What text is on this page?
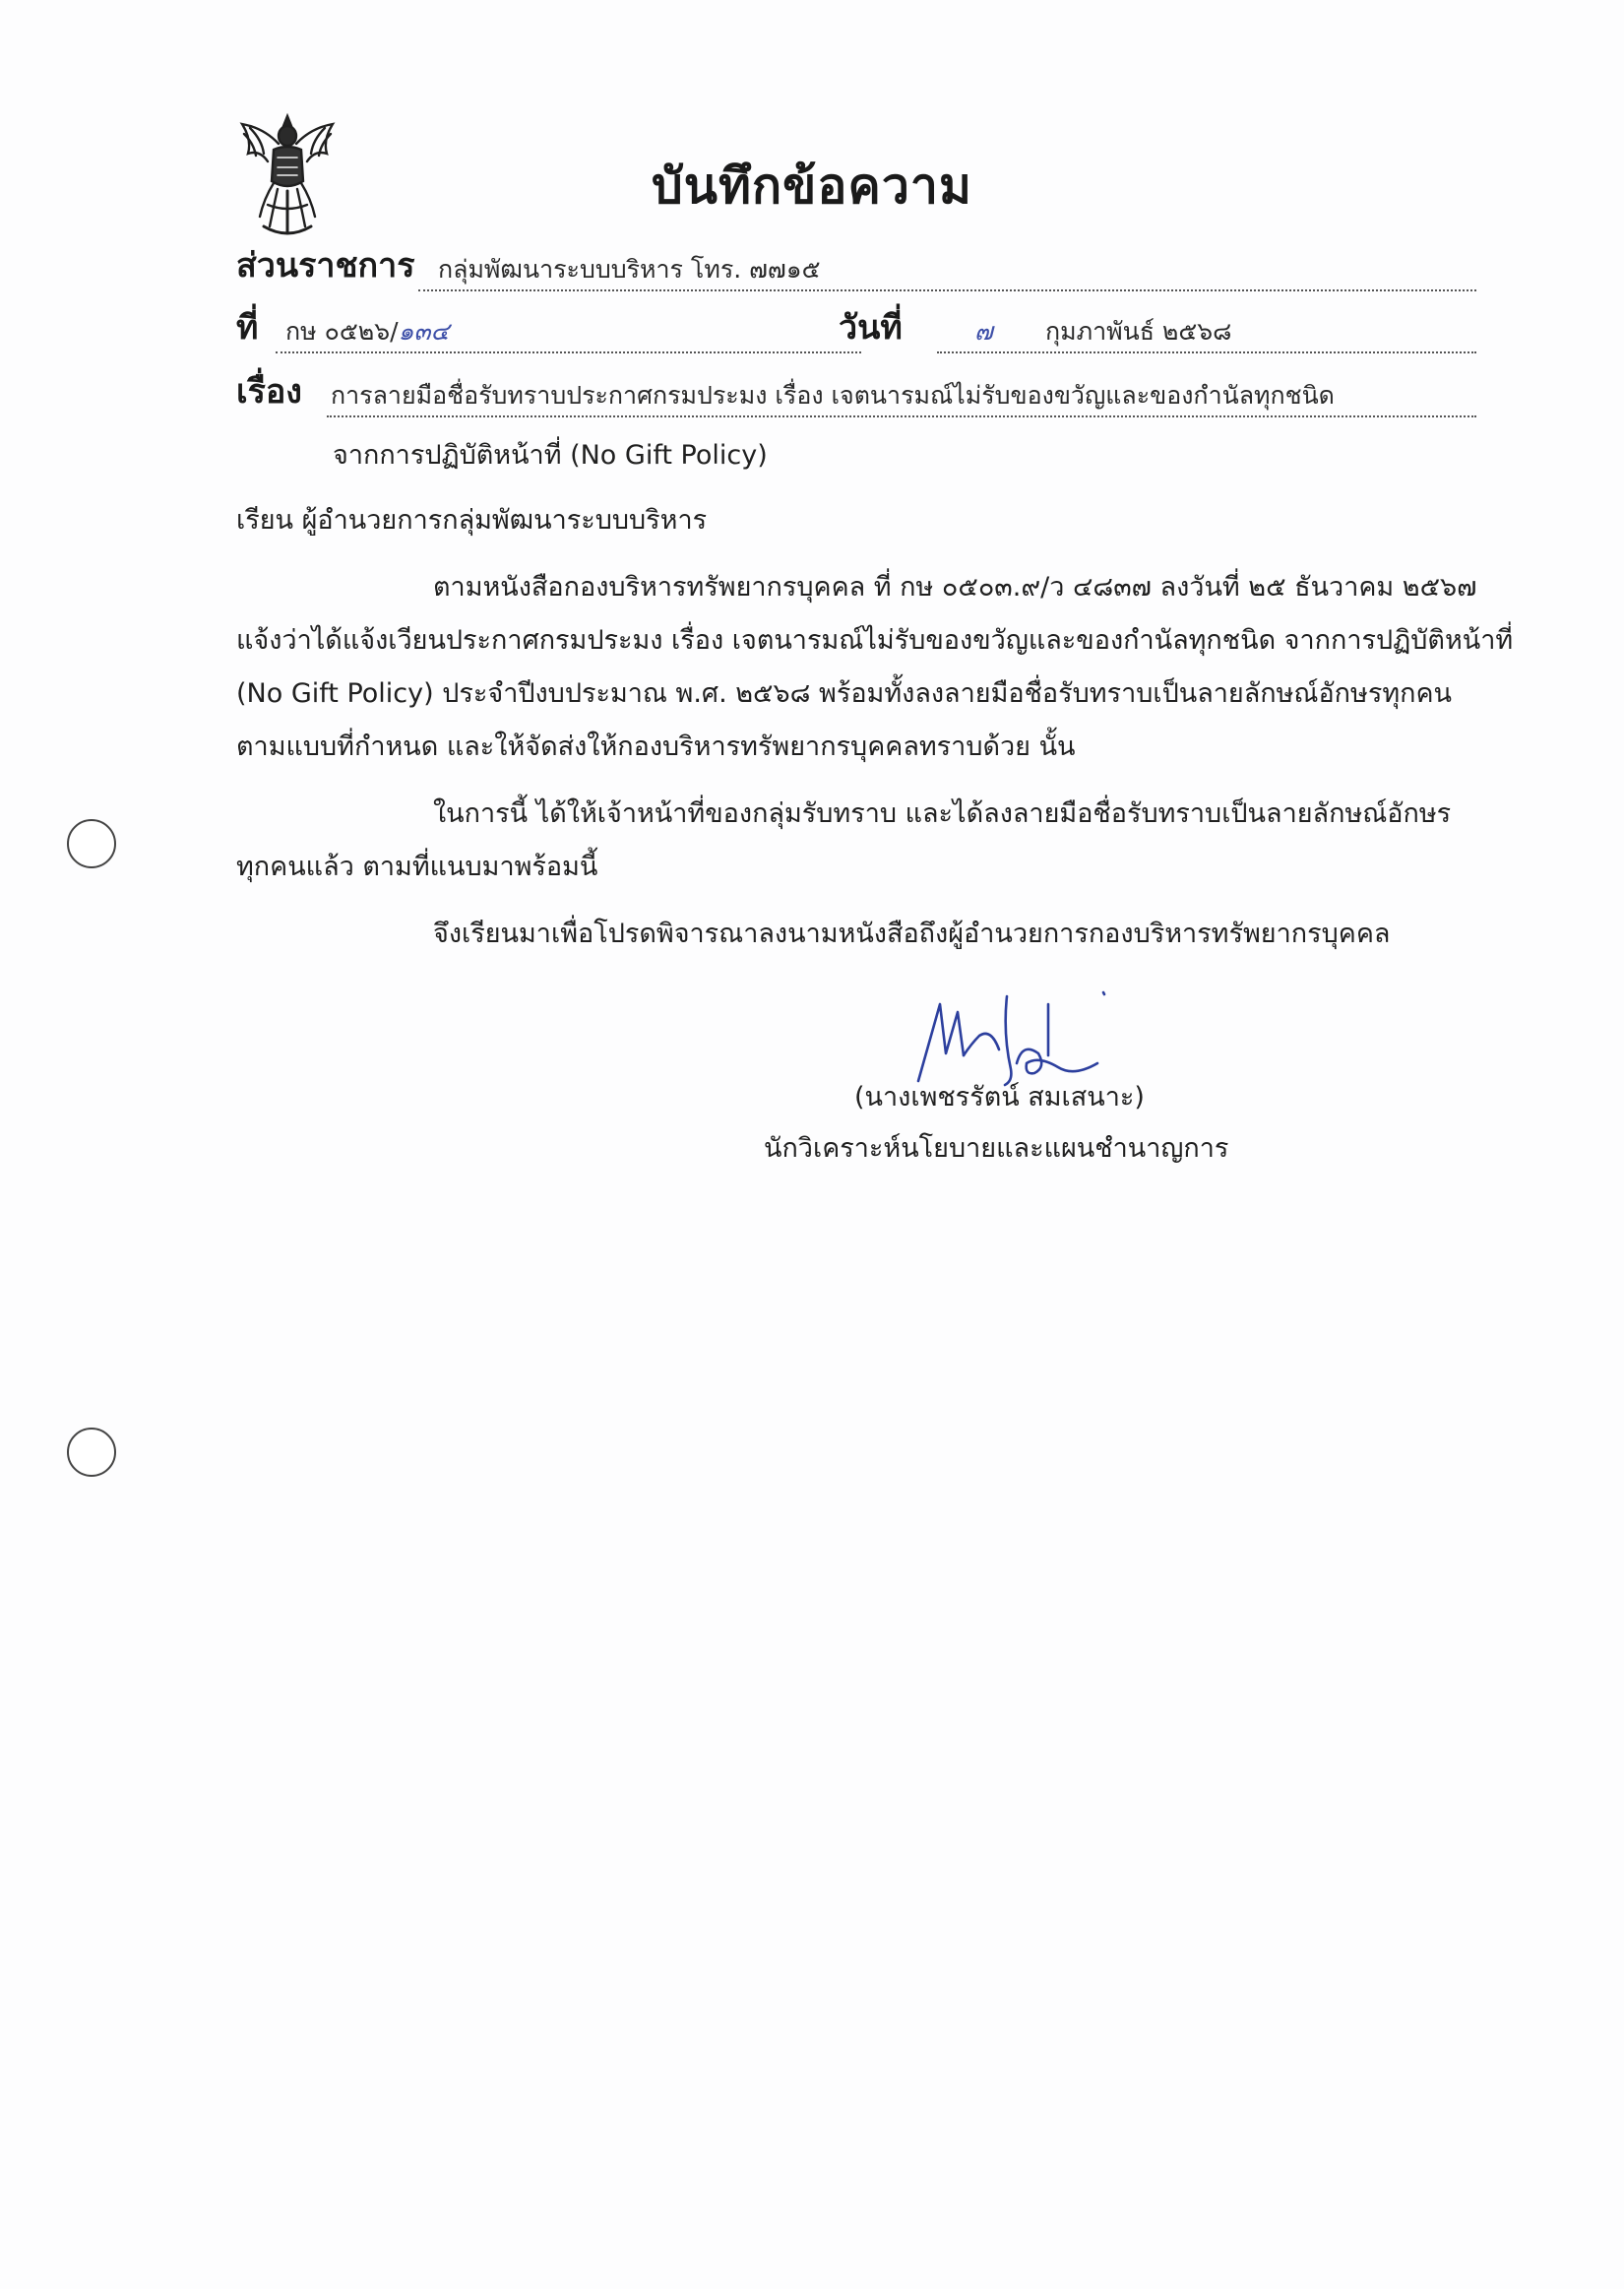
บันทึกข้อความ
ส่วนราชการ กลุ่มพัฒนาระบบบริหาร โทร. ๗๗๑๕
ที่ กษ ๐๕๒๖/๑๓๔	วันที่	๗ กุมภาพันธ์ ๒๕๖๘
เรื่อง การลายมือชื่อรับทราบประกาศกรมประมง เรื่อง เจตนารมณ์ไม่รับของขวัญและของกำนัลทุกชนิด
จากการปฏิบัติหน้าที่ (No Gift Policy)
เรียน ผู้อำนวยการกลุ่มพัฒนาระบบบริหาร
ตามหนังสือกองบริหารทรัพยากรบุคคล ที่ กษ ๐๕๐๓.๙/ว ๔๘๓๗ ลงวันที่ ๒๕ ธันวาคม ๒๕๖๗
แจ้งว่าได้แจ้งเวียนประกาศกรมประมง เรื่อง เจตนารมณ์ไม่รับของขวัญและของกำนัลทุกชนิด จากการปฏิบัติหน้าที่
(No Gift Policy) ประจำปีงบประมาณ พ.ศ. ๒๕๖๘ พร้อมทั้งลงลายมือชื่อรับทราบเป็นลายลักษณ์อักษรทุกคน
ตามแบบที่กำหนด และให้จัดส่งให้กองบริหารทรัพยากรบุคคลทราบด้วย นั้น
ในการนี้ ได้ให้เจ้าหน้าที่ของกลุ่มรับทราบ และได้ลงลายมือชื่อรับทราบเป็นลายลักษณ์อักษร
ทุกคนแล้ว ตามที่แนบมาพร้อมนี้
จึงเรียนมาเพื่อโปรดพิจารณาลงนามหนังสือถึงผู้อำนวยการกองบริหารทรัพยากรบุคคล
(นางเพชรรัตน์ สมเสนาะ)
นักวิเคราะห์นโยบายและแผนชำนาญการ
